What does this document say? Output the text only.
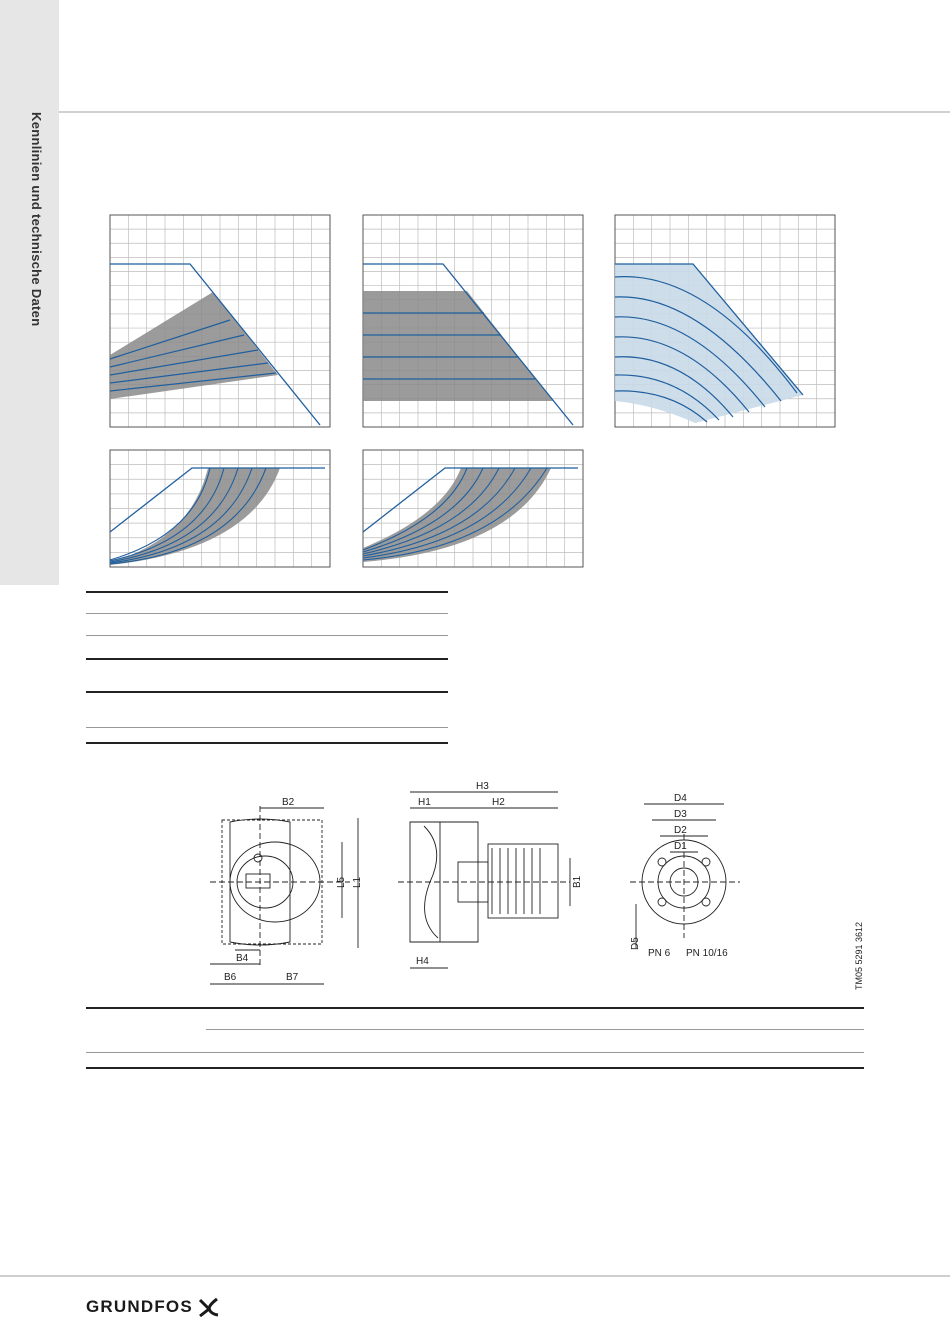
Kennlinien und technische Daten
B2
L5 L1
B4
B6	B7
H3
H1	H2
B1
H4
D4
D3
D2
D1
D5
PN 6 PN 10/16	TM05 5291 3612
GRUNDFOS
